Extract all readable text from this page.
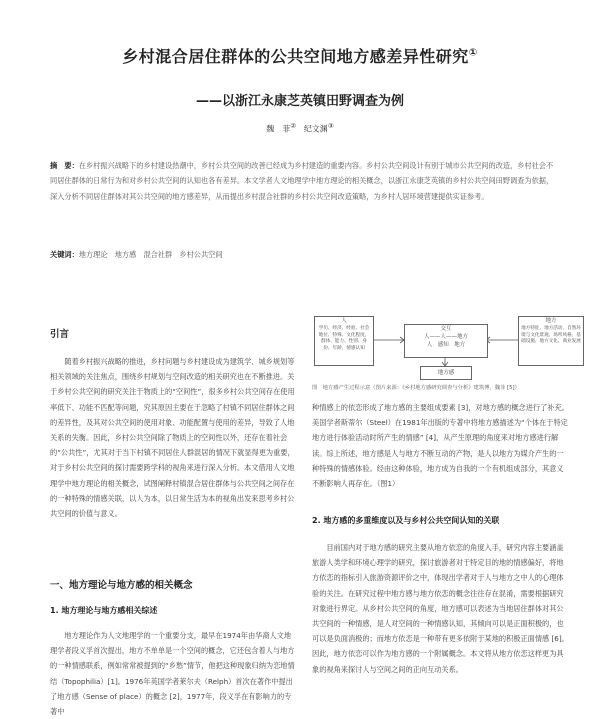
乡村混合居住群体的公共空间地方感差异性研究①
——以浙江永康芝英镇田野调查为例
魏　菲② 纪文渊③
摘　要：在乡村振兴战略下的乡村建设热潮中，乡村公共空间的改善已经成为乡村建造的重要内容。乡村公共空间设计有别于城市公共空间的改造，乡村社会不同居住群体的日常行为和对乡村公共空间的认知也各有差异。本文学者人文地理学中地方理论的相关概念，以浙江永康芝英镇的乡村公共空间田野调查为依据，深入分析不同居住群体对其公共空间的地方感差异，从而提出乡村混合社群的乡村公共空间改造策略，为乡村人居环境营建提供实证参考。
关键词：地方理论　地方感　混合社群　乡村公共空间
引言

随着乡村振兴战略的推进，乡村问题与乡村建设成为建筑学、城乡规划等相关领域的关注焦点，围绕乡村规划与空间改造的相关研究也在不断推进。关于乡村公共空间的研究关注于物质上的“空间性”，很多乡村公共空间存在使用率低下、功能不匹配等问题，究其原因主要在于忽略了村镇不同居住群体之间的差异性，及其对公共空间的使用对象、功能配置与使用的差异，导致了人地关系的失衡。因此，乡村公共空间除了物质上的空间性以外，还存在着社会的“公共性”，尤其对于当下村镇不同居住人群混居的情况下就显得更为重要，对于乡村公共空间的探讨需要跨学科的视角来进行深入分析。本文借用人文地理学中地方理论的相关概念，试图阐释村镇混合居住群体与公共空间之间存在的一种特殊的情感关联，以人为本，以日常生活为本的视角出发来思考乡村公共空间的价值与意义。

一、地方理论与地方感的相关概念
1. 地方理论与地方感相关综述

地方理论作为人文地理学的一个重要分支，最早在1974年由华裔人文地理学者段义孚首次提出，地方不单单是一个空间的概念，它还包含着人与地方的一种情感联系，例如常常被提到的“乡愁”情节，他把这种现象归纳为恋地情结（Topophilia）[1]。1976年英国学者莱尔夫（Relph）首次在著作中提出了地方感（Sense of place）的概念 [2]，1977年，段义孚在有影响力的专著中

人
学历、经济、经验、社会地位、特殊、文化程度、群体、能力、性别、身份、年龄、情感认知
交互
人——人——地方
人　感知　地方
地方感
地方
地方特征、地方活动、自然环境与文化景观、场所风格、基础设施、地方文化、商业发展
图　地方感产生过程示意（图片来源：《乡村地方感研究调查与分析》建筑博，魏菲 [5]）

种情感上的依恋形成了地方感的主要组成要素 [3]，对地方感的概念进行了补充。美国学者斯蒂尔（Steel）在1981年出版的专著中将地方感描述为“个体在于特定地方进行体验活动时所产生的情感” [4]，从产生原理的角度来对地方感进行解读。综上所述，地方感是人与地方不断互动的产物，是人以地方为媒介产生的一种特殊的情感体验。经由这种体验，地方成为自我的一个有机组成部分，其意义不断影响人再存在。（图1）

2. 地方感的多重维度以及与乡村公共空间认知的关联

目前国内对于地方感的研究主要从地方依恋的角度入手，研究内容主要涵盖旅游人类学和环境心理学的研究，探讨旅游者对于特定目的地的情感偏好，将地方依恋的指标引入旅游资源评价之中，体现出学者对于人与地方之中人的心理体验的关注。在研究过程中地方感与地方依恋的概念往往存在混淆，需要根据研究对象进行界定。从乡村公共空间的角度，地方感可以表述为当地居住群体对其公共空间的一种情感，是人对空间的一种情感认知，其倾向可以是正面积极的，也可以是负面消极的；而地方依恋是一种带有更多依附于某地的积极正面情感 [6]。因此，地方依恋可以作为地方感的一个附属概念。本文将从地方依恋这样更为具象的视角来探讨人与空间之间的正向互动关系。
